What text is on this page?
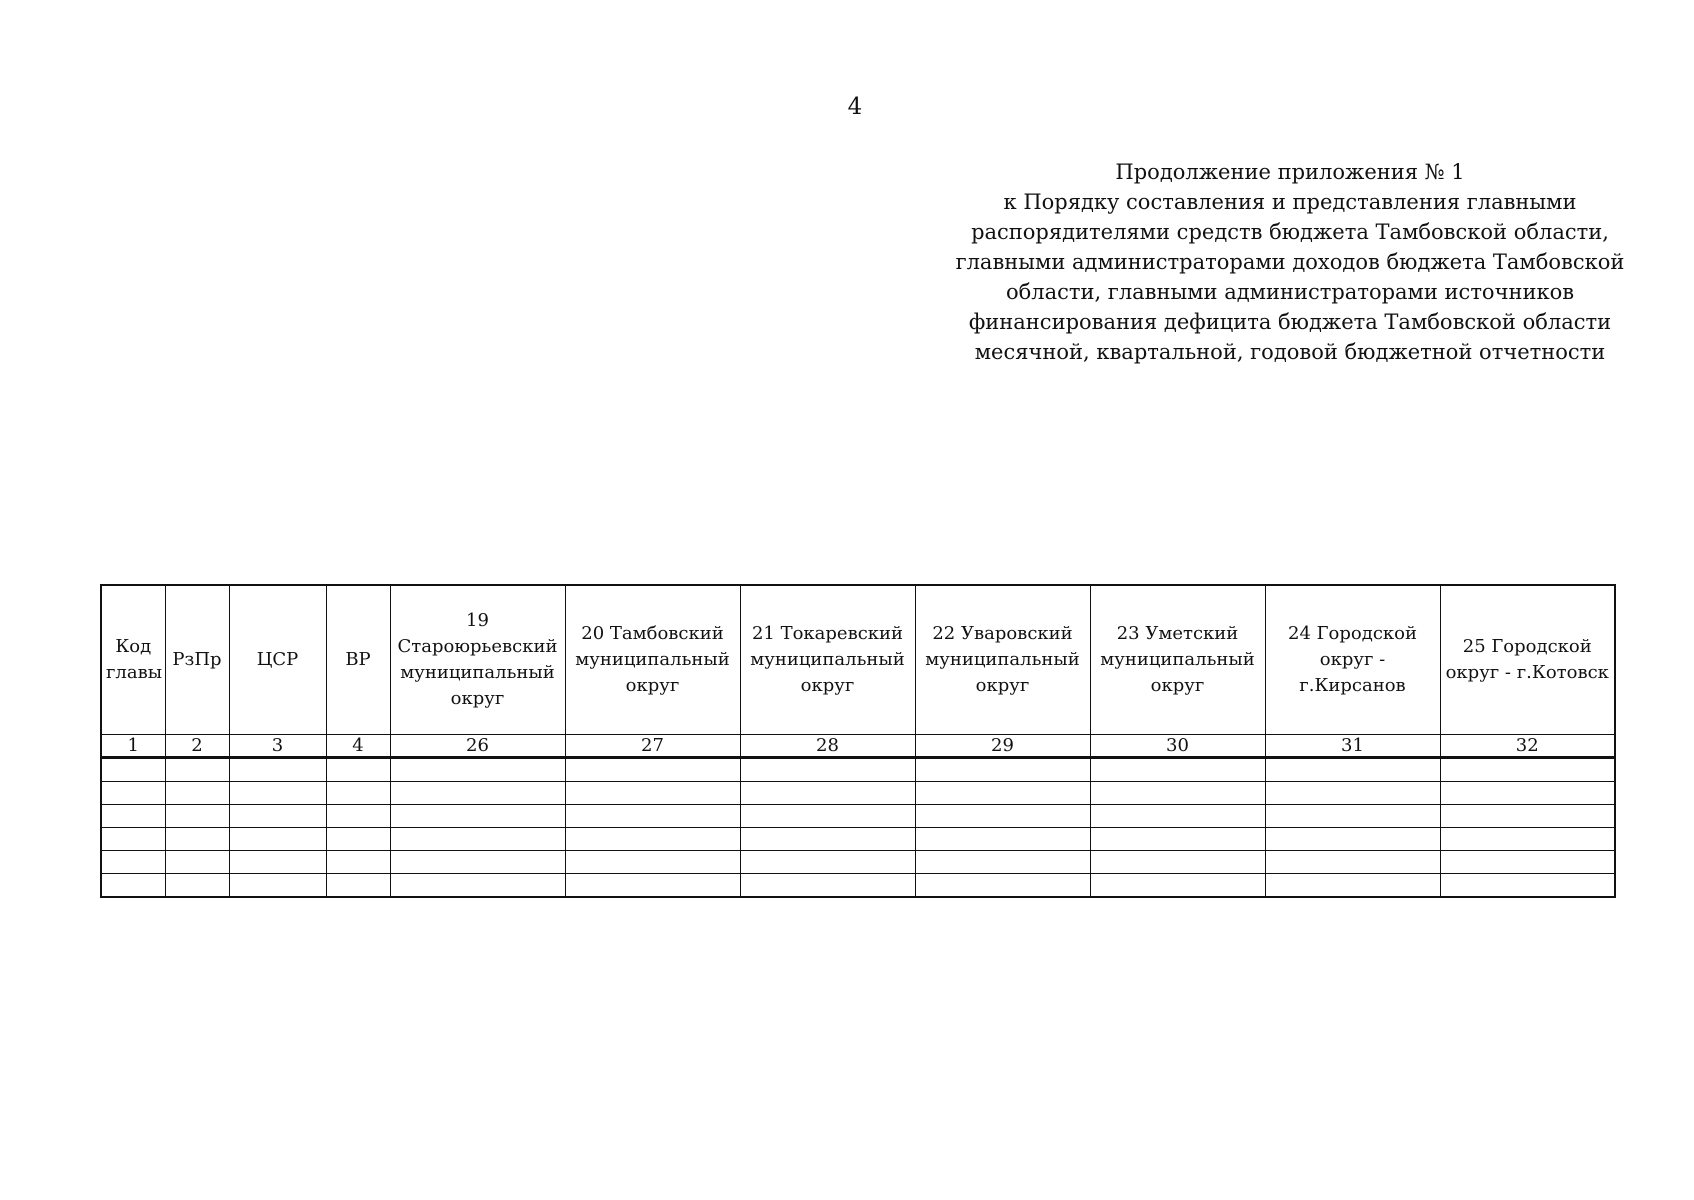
4
Продолжение приложения № 1
к Порядку составления и представления главными
распорядителями средств бюджета Тамбовской области,
главными администраторами доходов бюджета Тамбовской
области, главными администраторами источников
финансирования дефицита бюджета Тамбовской области
месячной, квартальной, годовой бюджетной отчетности
Код главы	РзПр	ЦСР	ВР	19 Староюрьевский муниципальный округ	20 Тамбовский муниципальный округ	21 Токаревский муниципальный округ	22 Уваровский муниципальный округ	23 Уметский муниципальный округ	24 Городской округ - г.Кирсанов	25 Городской округ - г.Котовск
1	2	3	4	26	27	28	29	30	31	32
